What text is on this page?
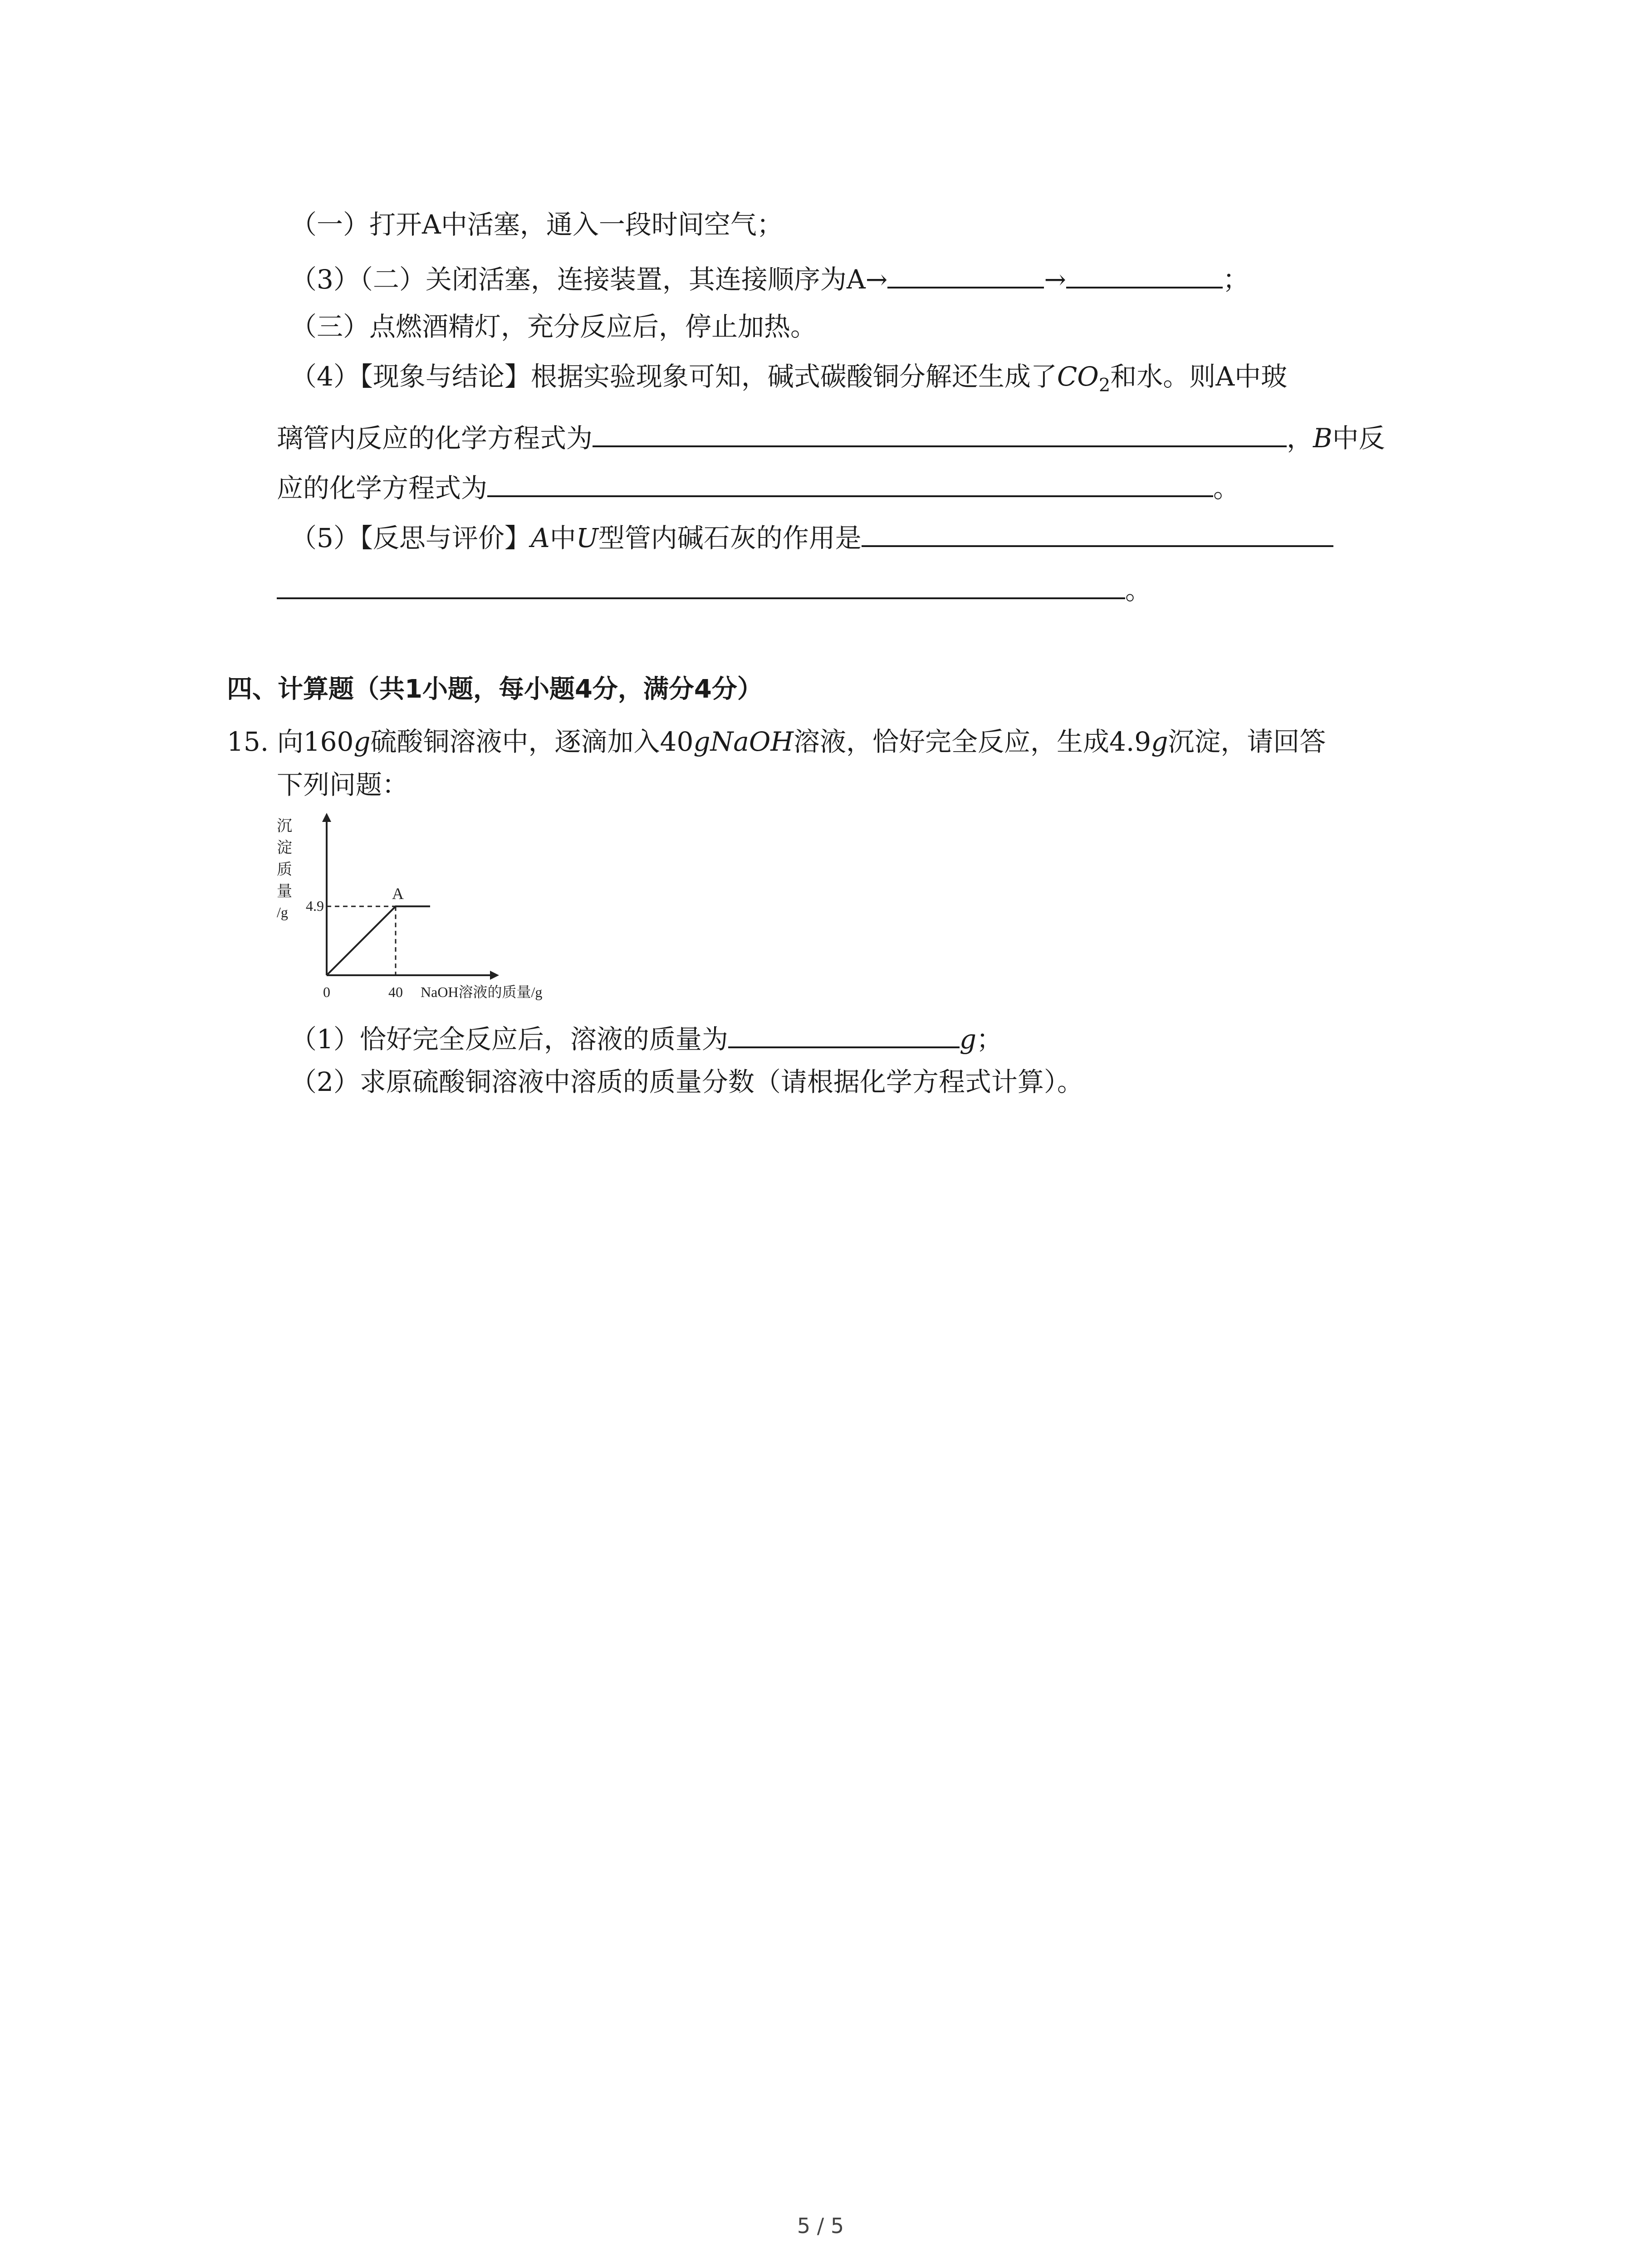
（一）打开A中活塞，通入一段时间空气；
（3）（二）关闭活塞，连接装置，其连接顺序为A→	→	；
（三）点燃酒精灯，充分反应后，停止加热。
（4）【现象与结论】根据实验现象可知，碱式碳酸铜分解还生成了$CO_2$和水。则A中玻
璃管内反应的化学方程式为	，B中反
应的化学方程式为	。
（5）【反思与评价】A中U型管内碱石灰的作用是
。
四、计算题（共1小题，每小题4分，满分4分）
15. 向160g硫酸铜溶液中，逐滴加入40gNaOH溶液，恰好完全反应，生成4.9g沉淀，请回答
下列问题：
沉
淀
质
量
/g
A
4.9
0	40 NaOH溶液的质量/g
（1）恰好完全反应后，溶液的质量为	g；
（2）求原硫酸铜溶液中溶质的质量分数（请根据化学方程式计算）。
5 / 5
